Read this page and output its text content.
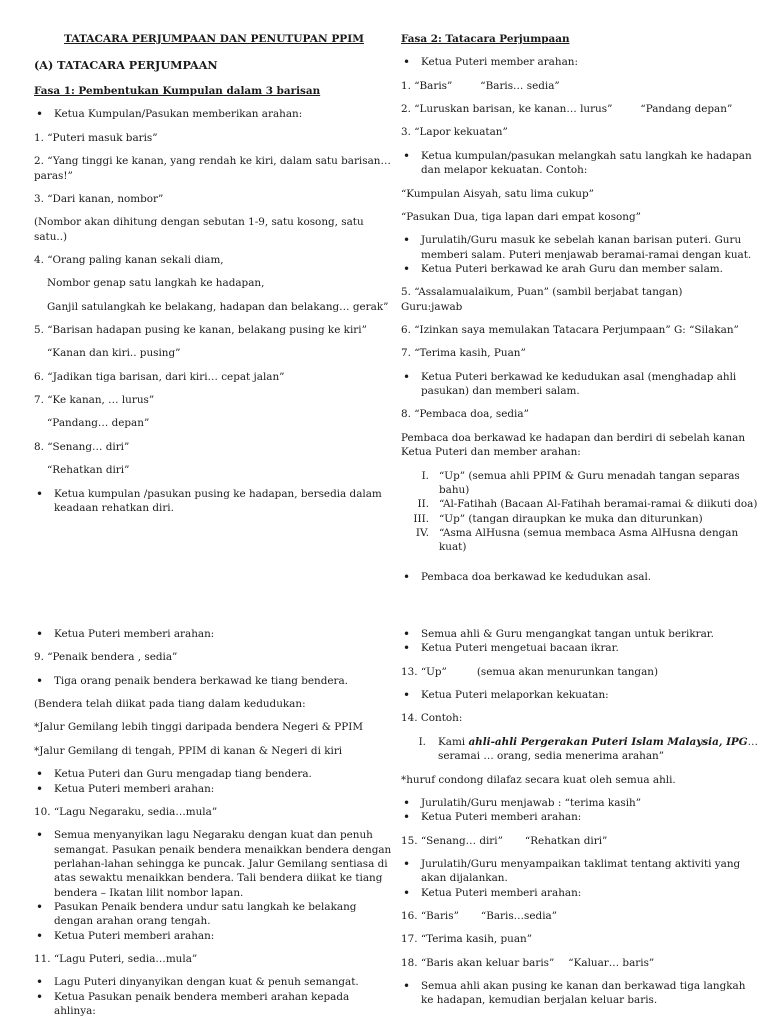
TATACARA PERJUMPAAN DAN PENUTUPAN PPIM
(A) TATACARA PERJUMPAAN
Fasa 1: Pembentukan Kumpulan dalam 3 barisan
• Ketua Kumpulan/Pasukan memberikan arahan:
1. “Puteri masuk baris”
2. “Yang tinggi ke kanan, yang rendah ke kiri, dalam satu barisan…paras!”
3. “Dari kanan, nombor”
(Nombor akan dihitung dengan sebutan 1-9, satu kosong, satu satu..)
4. “Orang paling kanan sekali diam,
Nombor genap satu langkah ke hadapan,
Ganjil satulangkah ke belakang, hadapan dan belakang… gerak”
5. “Barisan hadapan pusing ke kanan, belakang pusing ke kiri”
“Kanan dan kiri.. pusing”
6. “Jadikan tiga barisan, dari kiri… cepat jalan”
7. “Ke kanan, … lurus”
“Pandang… depan”
8. “Senang… diri”
“Rehatkan diri”
• Ketua kumpulan /pasukan pusing ke hadapan, bersedia dalam keadaan rehatkan diri.
Fasa 2: Tatacara Perjumpaan
• Ketua Puteri member arahan:
1. “Baris”	“Baris… sedia”
2. “Luruskan barisan, ke kanan… lurus”	“Pandang depan”
3. “Lapor kekuatan”
• Ketua kumpulan/pasukan melangkah satu langkah ke hadapan dan melapor kekuatan. Contoh:
“Kumpulan Aisyah, satu lima cukup”
“Pasukan Dua, tiga lapan dari empat kosong”
• Jurulatih/Guru masuk ke sebelah kanan barisan puteri. Guru memberi salam. Puteri menjawab beramai-ramai dengan kuat.
• Ketua Puteri berkawad ke arah Guru dan member salam.
5. “Assalamualaikum, Puan” (sambil berjabat tangan)Guru:jawab
6. “Izinkan saya memulakan Tatacara Perjumpaan” G: “Silakan”
7. “Terima kasih, Puan”
• Ketua Puteri berkawad ke kedudukan asal (menghadap ahli pasukan) dan memberi salam.
8. “Pembaca doa, sedia”
Pembaca doa berkawad ke hadapan dan berdiri di sebelah kanan Ketua Puteri dan member arahan:
I. “Up” (semua ahli PPIM & Guru menadah tangan separas bahu)
II. “Al-Fatihah (Bacaan Al-Fatihah beramai-ramai & diikuti doa)
III. “Up” (tangan diraupkan ke muka dan diturunkan)
IV. “Asma AlHusna (semua membaca Asma AlHusna dengan kuat)
• Pembaca doa berkawad ke kedudukan asal.
• Ketua Puteri memberi arahan:
9. “Penaik bendera , sedia”
• Tiga orang penaik bendera berkawad ke tiang bendera.
(Bendera telah diikat pada tiang dalam kedudukan:
*Jalur Gemilang lebih tinggi daripada bendera Negeri & PPIM
*Jalur Gemilang di tengah, PPIM di kanan & Negeri di kiri
• Ketua Puteri dan Guru mengadap tiang bendera.
• Ketua Puteri memberi arahan:
10. “Lagu Negaraku, sedia…mula”
• Semua menyanyikan lagu Negaraku dengan kuat dan penuh semangat. Pasukan penaik bendera menaikkan bendera dengan perlahan-lahan sehingga ke puncak. Jalur Gemilang sentiasa di atas sewaktu menaikkan bendera. Tali bendera diikat ke tiang bendera – Ikatan lilit nombor lapan.
• Pasukan Penaik bendera undur satu langkah ke belakang dengan arahan orang tengah.
• Ketua Puteri memberi arahan:
11. “Lagu Puteri, sedia…mula”
• Lagu Puteri dinyanyikan dengan kuat & penuh semangat.
• Ketua Pasukan penaik bendera memberi arahan kepada ahlinya:
• Semua ahli & Guru mengangkat tangan untuk berikrar.
• Ketua Puteri mengetuai bacaan ikrar.
13. “Up”	(semua akan menurunkan tangan)
• Ketua Puteri melaporkan kekuatan:
14. Contoh:
I.	Kami ahli-ahli Pergerakan Puteri Islam Malaysia, IPG…
seramai … orang, sedia menerima arahan”
*huruf condong dilafaz secara kuat oleh semua ahli.
• Jurulatih/Guru menjawab : “terima kasih”
• Ketua Puteri memberi arahan:
15. “Senang… diri” “Rehatkan diri”
• Jurulatih/Guru menyampaikan taklimat tentang aktiviti yang akan dijalankan.
• Ketua Puteri memberi arahan:
16. “Baris” “Baris…sedia”
17. “Terima kasih, puan”
18. “Baris akan keluar baris” “Kaluar… baris”
• Semua ahli akan pusing ke kanan dan berkawad tiga langkah ke hadapan, kemudian berjalan keluar baris.
